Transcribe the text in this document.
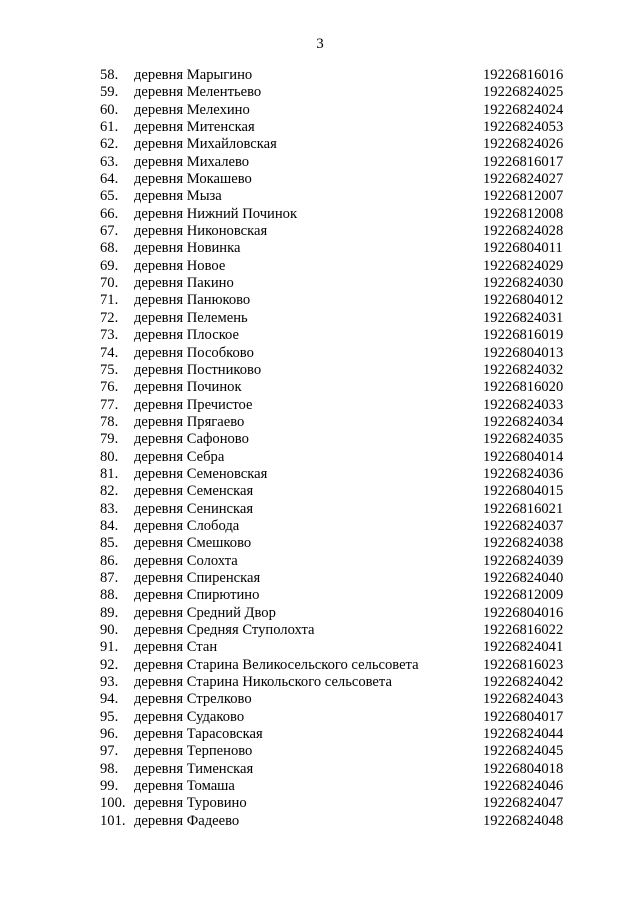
3
58.	деревня Марыгино	19226816016
59.	деревня Мелентьево	19226824025
60.	деревня Мелехино	19226824024
61.	деревня Митенская	19226824053
62.	деревня Михайловская	19226824026
63.	деревня Михалево	19226816017
64.	деревня Мокашево	19226824027
65.	деревня Мыза	19226812007
66.	деревня Нижний Починок	19226812008
67.	деревня Никоновская	19226824028
68.	деревня Новинка	19226804011
69.	деревня Новое	19226824029
70.	деревня Пакино	19226824030
71.	деревня Панюково	19226804012
72.	деревня Пелемень	19226824031
73.	деревня Плоское	19226816019
74.	деревня Пособково	19226804013
75.	деревня Постниково	19226824032
76.	деревня Починок	19226816020
77.	деревня Пречистое	19226824033
78.	деревня Прягаево	19226824034
79.	деревня Сафоново	19226824035
80.	деревня Себра	19226804014
81.	деревня Семеновская	19226824036
82.	деревня Семенская	19226804015
83.	деревня Сенинская	19226816021
84.	деревня Слобода	19226824037
85.	деревня Смешково	19226824038
86.	деревня Солохта	19226824039
87.	деревня Спиренская	19226824040
88.	деревня Спирютино	19226812009
89.	деревня Средний Двор	19226804016
90.	деревня Средняя Ступолохта	19226816022
91.	деревня Стан	19226824041
92.	деревня Старина Великосельского сельсовета	19226816023
93.	деревня Старина Никольского сельсовета	19226824042
94.	деревня Стрелково	19226824043
95.	деревня Судаково	19226804017
96.	деревня Тарасовская	19226824044
97.	деревня Терпеново	19226824045
98.	деревня Тименская	19226804018
99.	деревня Томаша	19226824046
100. деревня Туровино	19226824047
101. деревня Фадеево	19226824048
